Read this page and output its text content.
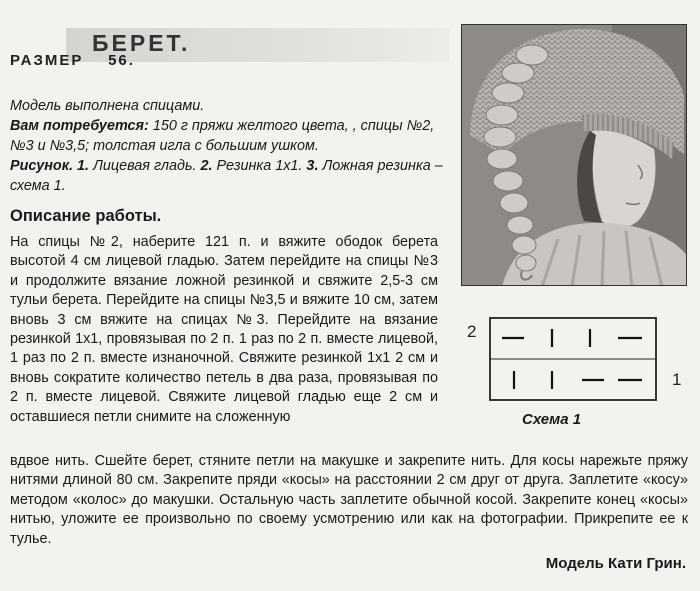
БЕРЕТ.
РАЗМЕР    56.
Модель выполнена спицами.
Вам потребуется: 150 г пряжи желтого цвета, , спицы №2, №3 и №3,5; толстая игла с большим ушком.
Рисунок. 1. Лицевая гладь. 2. Резинка 1х1. 3. Ложная резинка – схема 1.
Описание работы.
На спицы №2, наберите 121 п. и вяжите ободок берета высотой 4 см лицевой гладью. Затем перейдите на спицы №3 и продолжите вязание ложной резинкой и свяжите 2,5-3 см тульи берета. Перейдите на спицы №3,5 и вяжите 10 см, затем вновь 3 см вяжите на спицах №3. Перейдите на вязание резинкой 1х1, провязывая по 2 п. 1 раз по 2 п. вместе лицевой, 1 раз по 2 п. вместе изнаночной. Свяжите резинкой 1х1 2 см и вновь сократите количество петель в два раза, провязывая по 2 п. вместе лицевой. Свяжите лицевой гладью еще 2 см и оставшиеся петли снимите на сложенную
вдвое нить. Сшейте берет, стяните петли на макушке и закрепите нить. Для косы нарежьте пряжу нитями длиной 80 см. Закрепите пряди «косы» на расстоянии 2 см друг от друга. Заплетите «косу» методом «колос» до макушки. Остальную часть заплетите обычной косой. Закрепите конец «косы» нитью, уложите ее произвольно по своему усмотрению или как на фотографии. Прикрепите ее к тулье.
Модель Кати Грин.
2
1
Схема 1
